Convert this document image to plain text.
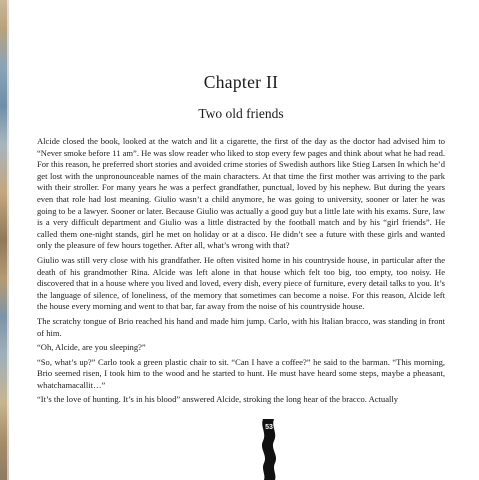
Chapter II
Two old friends

Alcide closed the book, looked at the watch and lit a cigarette, the first of the day as the doctor had advised him to “Never smoke before 11 am”. He was slow reader who liked to stop every few pages and think about what he had read. For this reason, he preferred short stories and avoided crime stories of Swedish authors like Stieg Larsen In which he’d get lost with the unpronounceable names of the main characters. At that time the first mother was arriving to the park with their stroller. For many years he was a perfect grandfather, punctual, loved by his nephew. But during the years even that role had lost meaning. Giulio wasn’t a child anymore, he was going to university, sooner or later he was going to be a lawyer. Sooner or later. Because Giulio was actually a good guy but a little late with his exams. Sure, law is a very difficult department and Giulio was a little distracted by the football match and by his “girl friends”. He called them one-night stands, girl he met on holiday or at a disco. He didn’t see a future with these girls and wanted only the pleasure of few hours together. After all, what’s wrong with that?

Giulio was still very close with his grandfather. He often visited home in his countryside house, in particular after the death of his grandmother Rina. Alcide was left alone in that house which felt too big, too empty, too noisy. He discovered that in a house where you lived and loved, every dish, every piece of furniture, every detail talks to you. It’s the language of silence, of loneliness, of the memory that sometimes can become a noise. For this reason, Alcide left the house every morning and went to that bar, far away from the noise of his countryside house.

The scratchy tongue of Brio reached his hand and made him jump. Carlo, with his Italian bracco, was standing in front of him.

“Oh, Alcide, are you sleeping?”

“So, what’s up?” Carlo took a green plastic chair to sit. “Can I have a coffee?” he said to the barman. “This morning, Brio seemed risen, I took him to the wood and he started to hunt. He must have heard some steps, maybe a pheasant, whatchamacallit…”

“It’s the love of hunting. It’s in his blood” answered Alcide, stroking the long hear of the bracco. Actually

53
